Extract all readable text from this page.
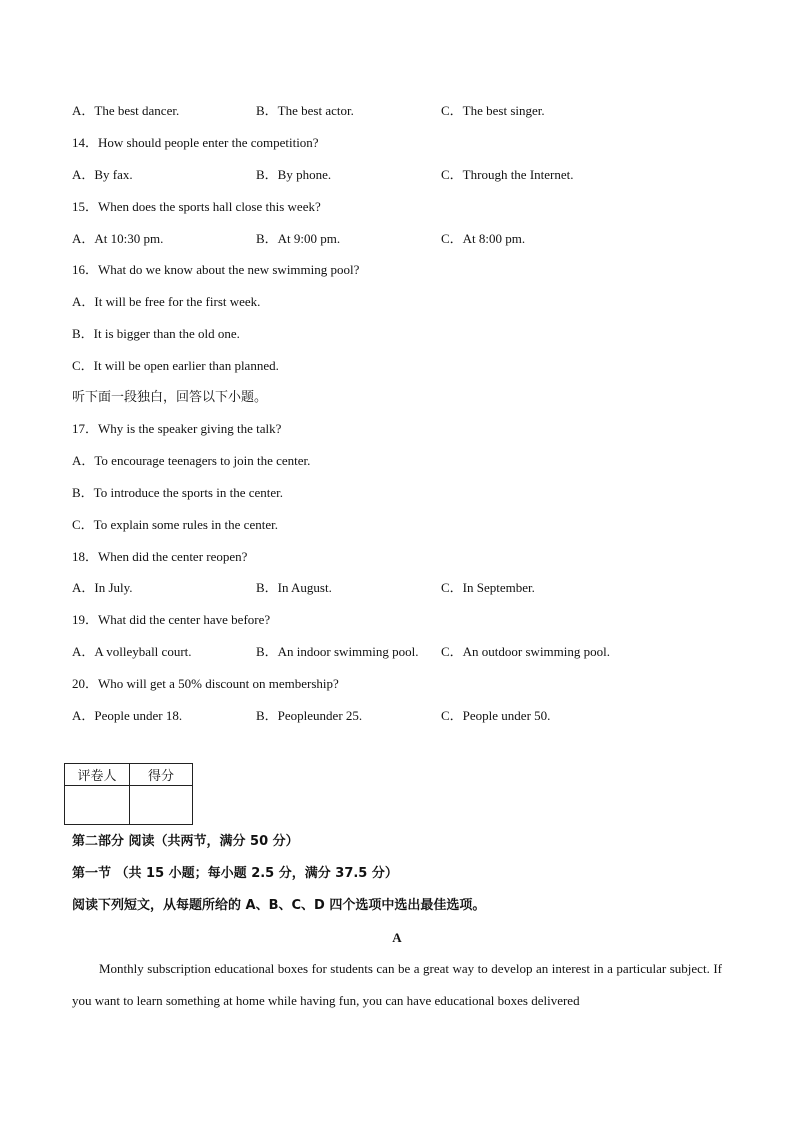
A．The best dancer.	B．The best actor.	C．The best singer.
14．How should people enter the competition?
A．By fax.	B．By phone.	C．Through the Internet.
15．When does the sports hall close this week?
A．At 10:30 pm.	B．At 9:00 pm.	C．At 8:00 pm.
16．What do we know about the new swimming pool?
A．It will be free for the first week.
B．It is bigger than the old one.
C．It will be open earlier than planned.
听下面一段独白，回答以下小题。
17．Why is the speaker giving the talk?
A．To encourage teenagers to join the center.
B．To introduce the sports in the center.
C．To explain some rules in the center.
18．When did the center reopen?
A．In July.	B．In August.	C．In September.
19．What did the center have before?
A．A volleyball court.	B．An indoor swimming pool. C．An outdoor swimming pool.
20．Who will get a 50% discount on membership?
A．People under 18.	B．Peopleunder 25.	C．People under 50.
评卷人	得分

第二部分 阅读（共两节，满分 50 分）
第一节 （共 15 小题；每小题 2.5 分，满分 37.5 分）
阅读下列短文，从每题所给的 A、B、C、D 四个选项中选出最佳选项。
A
Monthly subscription educational boxes for students can be a great way to develop an interest in a particular subject. If you want to learn something at home while having fun, you can have educational boxes delivered
